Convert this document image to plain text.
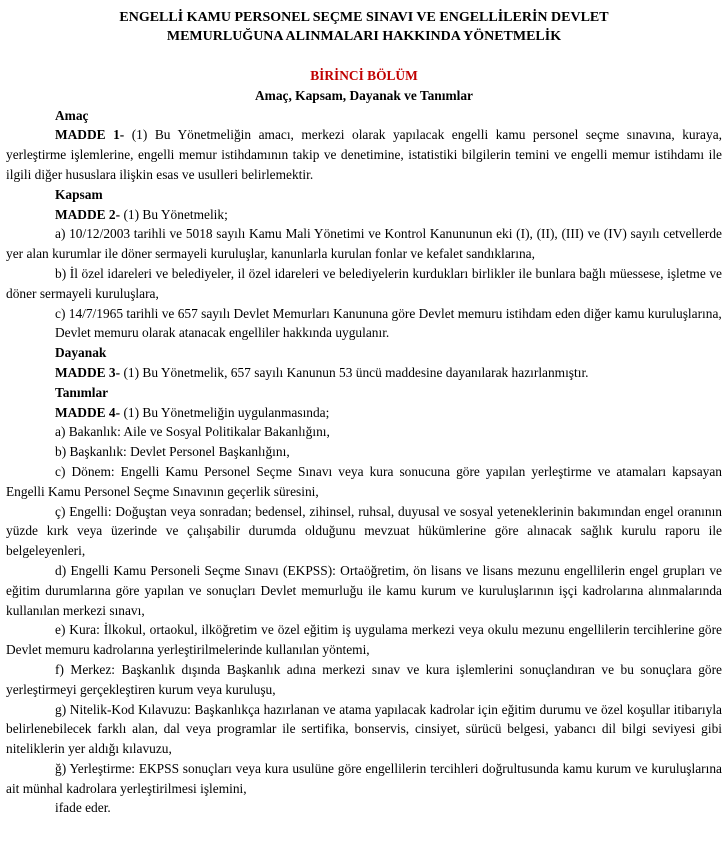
ENGELLİ KAMU PERSONEL SEÇME SINAVI VE ENGELLİLERİN DEVLET
MEMURLUĞUNA ALINMALARI HAKKINDA YÖNETMELİK
BİRİNCİ BÖLÜM
Amaç, Kapsam, Dayanak ve Tanımlar
Amaç

MADDE 1- (1) Bu Yönetmeliğin amacı, merkezi olarak yapılacak engelli kamu personel seçme sınavına, kuraya, yerleştirme işlemlerine, engelli memur istihdamının takip ve denetimine, istatistiki bilgilerin temini ve engelli memur istihdamı ile ilgili diğer hususlara ilişkin esas ve usulleri belirlemektir.

Kapsam

MADDE 2- (1) Bu Yönetmelik;

a) 10/12/2003 tarihli ve 5018 sayılı Kamu Mali Yönetimi ve Kontrol Kanununun eki (I), (II), (III) ve (IV) sayılı cetvellerde yer alan kurumlar ile döner sermayeli kuruluşlar, kanunlarla kurulan fonlar ve kefalet sandıklarına,

b) İl özel idareleri ve belediyeler, il özel idareleri ve belediyelerin kurdukları birlikler ile bunlara bağlı müessese, işletme ve döner sermayeli kuruluşlara,

c) 14/7/1965 tarihli ve 657 sayılı Devlet Memurları Kanununa göre Devlet memuru istihdam eden diğer kamu kuruluşlarına,

Devlet memuru olarak atanacak engelliler hakkında uygulanır.

Dayanak

MADDE 3- (1) Bu Yönetmelik, 657 sayılı Kanunun 53 üncü maddesine dayanılarak hazırlanmıştır.

Tanımlar

MADDE 4- (1) Bu Yönetmeliğin uygulanmasında;

a) Bakanlık: Aile ve Sosyal Politikalar Bakanlığını,

b) Başkanlık: Devlet Personel Başkanlığını,

c) Dönem: Engelli Kamu Personel Seçme Sınavı veya kura sonucuna göre yapılan yerleştirme ve atamaları kapsayan Engelli Kamu Personel Seçme Sınavının geçerlik süresini,

ç) Engelli: Doğuştan veya sonradan; bedensel, zihinsel, ruhsal, duyusal ve sosyal yeteneklerinin bakımından engel oranının yüzde kırk veya üzerinde ve çalışabilir durumda olduğunu mevzuat hükümlerine göre alınacak sağlık kurulu raporu ile belgeleyenleri,

d) Engelli Kamu Personeli Seçme Sınavı (EKPSS): Ortaöğretim, ön lisans ve lisans mezunu engellilerin engel grupları ve eğitim durumlarına göre yapılan ve sonuçları Devlet memurluğu ile kamu kurum ve kuruluşlarının işçi kadrolarına alınmalarında kullanılan merkezi sınavı,

e) Kura: İlkokul, ortaokul, ilköğretim ve özel eğitim iş uygulama merkezi veya okulu mezunu engellilerin tercihlerine göre Devlet memuru kadrolarına yerleştirilmelerinde kullanılan yöntemi,

f) Merkez: Başkanlık dışında Başkanlık adına merkezi sınav ve kura işlemlerini sonuçlandıran ve bu sonuçlara göre yerleştirmeyi gerçekleştiren kurum veya kuruluşu,

g) Nitelik-Kod Kılavuzu: Başkanlıkça hazırlanan ve atama yapılacak kadrolar için eğitim durumu ve özel koşullar itibarıyla belirlenebilecek farklı alan, dal veya programlar ile sertifika, bonservis, cinsiyet, sürücü belgesi, yabancı dil bilgi seviyesi gibi niteliklerin yer aldığı kılavuzu,

ğ) Yerleştirme: EKPSS sonuçları veya kura usulüne göre engellilerin tercihleri doğrultusunda kamu kurum ve kuruluşlarına ait münhal kadrolara yerleştirilmesi işlemini,

ifade eder.
